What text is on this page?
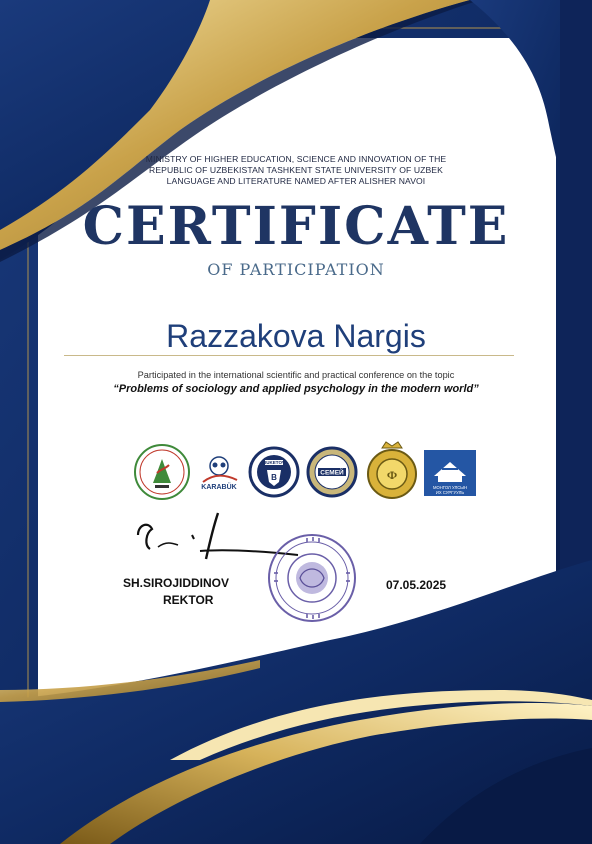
MINISTRY OF HIGHER EDUCATION, SCIENCE AND INNOVATION OF THE
REPUBLIC OF UZBEKISTAN TASHKENT STATE UNIVERSITY OF UZBEK
LANGUAGE AND LITERATURE NAMED AFTER ALISHER NAVOI
CERTIFICATE
OF PARTICIPATION
Razzakova Nargis
Participated in the international scientific and practical conference on the topic
“Problems of sociology and applied psychology in the modern world”
KARABÜK
BUKETOV
B	СЕМЕЙ	Ф
МОНГОЛ УЛСЫН
ИХ СУРГУУЛЬ
SH.SIROJIDDINOV
REKTOR
07.05.2025
